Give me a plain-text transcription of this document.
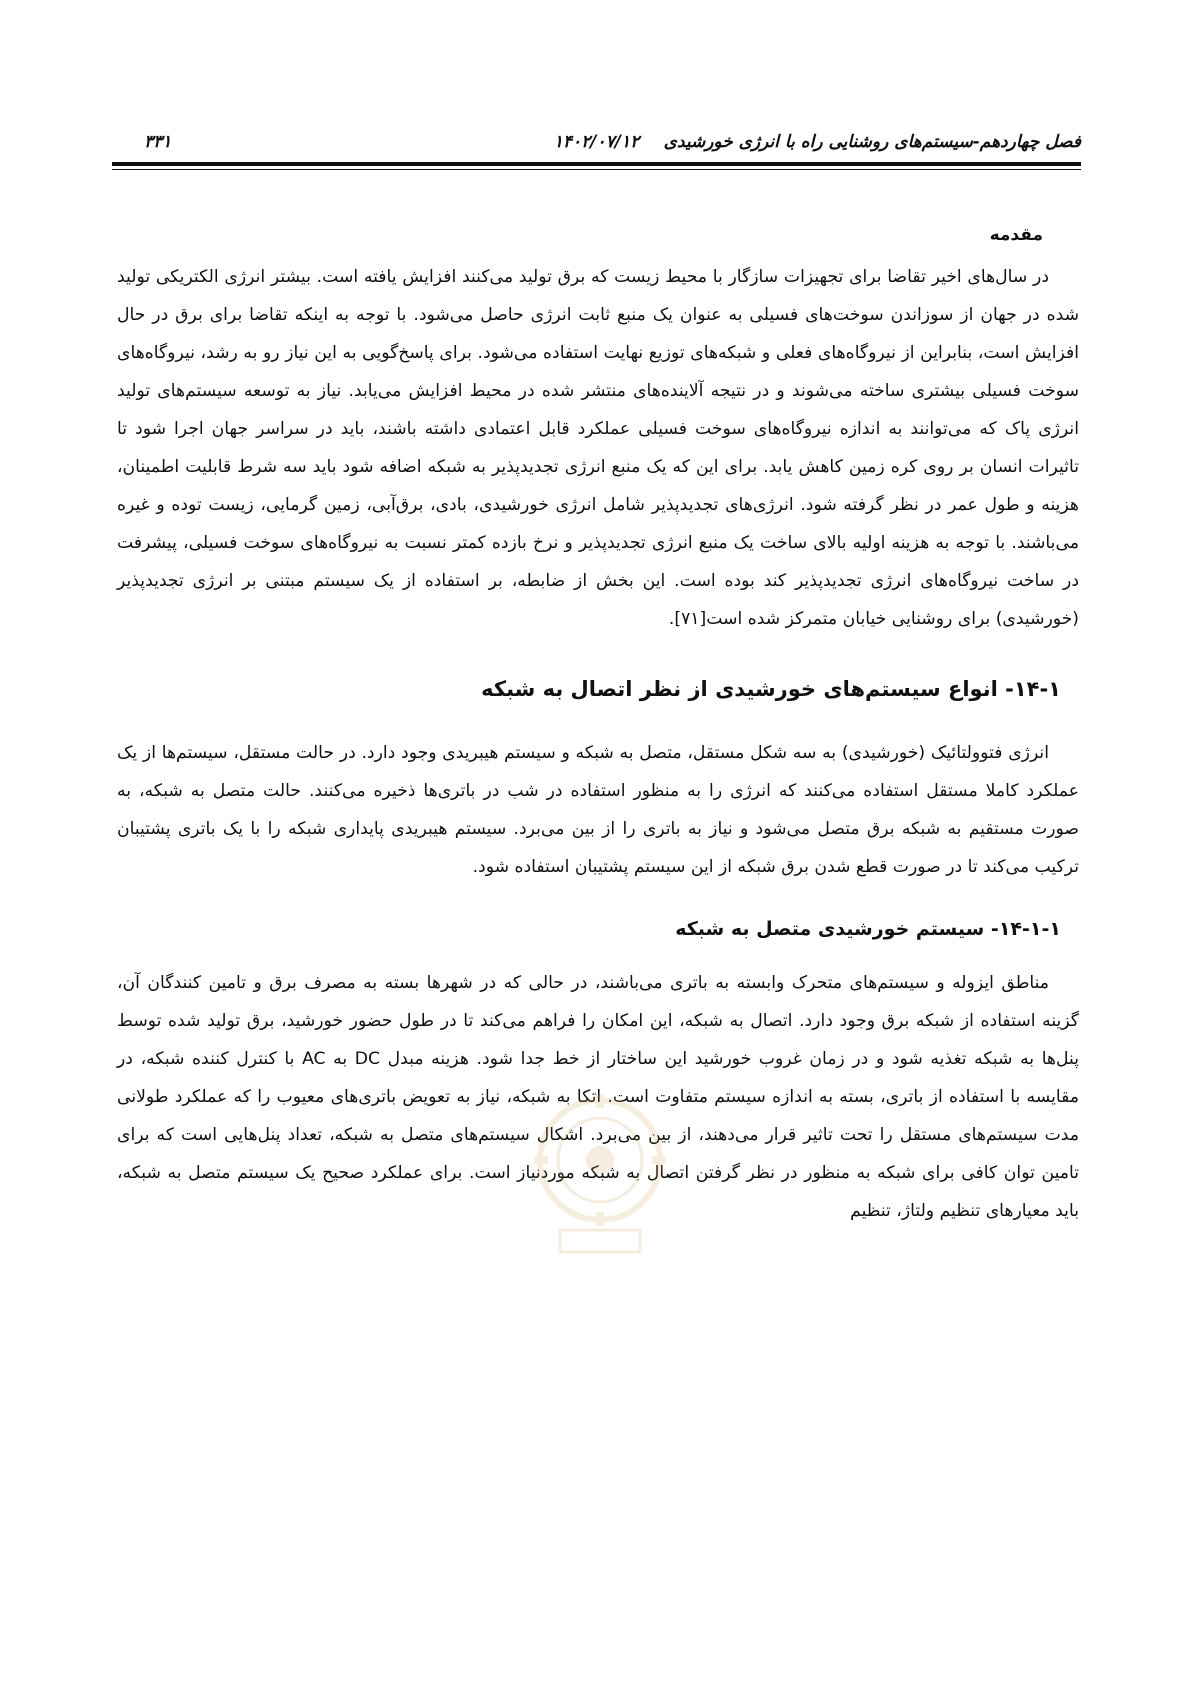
فصل چهاردهم-سیستم‌های روشنایی راه با انرژی خورشیدی
۱۴۰۲/۰۷/۱۲
۳۳۱
مقدمه

در سال‌های اخیر تقاضا برای تجهیزات سازگار با محیط زیست که برق تولید می‌کنند افزایش یافته است. بیشتر انرژی الکتریکی تولید شده در جهان از سوزاندن سوخت‌های فسیلی به عنوان یک منبع ثابت انرژی حاصل می‌شود. با توجه به اینکه تقاضا برای برق در حال افزایش است، بنابراین از نیروگاه‌های فعلی و شبکه‌های توزیع نهایت استفاده می‌شود. برای پاسخ‌گویی به این نیاز رو به رشد، نیروگاه‌های سوخت فسیلی بیشتری ساخته می‌شوند و در نتیجه آلاینده‌های منتشر شده در محیط افزایش می‌یابد. نیاز به توسعه سیستم‌های تولید انرژی پاک که می‌توانند به اندازه نیروگاه‌های سوخت فسیلی عملکرد قابل اعتمادی داشته باشند، باید در سراسر جهان اجرا شود تا تاثیرات انسان بر روی کره زمین کاهش یابد. برای این که یک منبع انرژی تجدیدپذیر به شبکه اضافه شود باید سه شرط قابلیت اطمینان، هزینه و طول عمر در نظر گرفته شود. انرژی‌های تجدیدپذیر شامل انرژی خورشیدی، بادی، برق‌آبی، زمین گرمایی، زیست توده و غیره می‌باشند. با توجه به هزینه اولیه بالای ساخت یک منبع انرژی تجدیدپذیر و نرخ بازده کمتر نسبت به نیروگاه‌های سوخت فسیلی، پیشرفت در ساخت نیروگاه‌های انرژی تجدیدپذیر کند بوده است. این بخش از ضابطه، بر استفاده از یک سیستم مبتنی بر انرژی تجدیدپذیر (خورشیدی) برای روشنایی خیابان متمرکز شده است[۷۱].

۱۴-۱- انواع سیستم‌های خورشیدی از نظر اتصال به شبکه

انرژی فتوولتائیک (خورشیدی) به سه شکل مستقل، متصل به شبکه و سیستم هیبریدی وجود دارد. در حالت مستقل، سیستم‌ها از یک عملکرد کاملا مستقل استفاده می‌کنند که انرژی را به منظور استفاده در شب در باتری‌ها ذخیره می‌کنند. حالت متصل به شبکه، به صورت مستقیم به شبکه برق متصل می‌شود و نیاز به باتری را از بین می‌برد. سیستم هیبریدی پایداری شبکه را با یک باتری پشتیبان ترکیب می‌کند تا در صورت قطع شدن برق شبکه از این سیستم پشتیبان استفاده شود.

۱۴-۱-۱- سیستم خورشیدی متصل به شبکه

مناطق ایزوله و سیستم‌های متحرک وابسته به باتری می‌باشند، در حالی که در شهرها بسته به مصرف برق و تامین کنندگان آن، گزینه استفاده از شبکه برق وجود دارد. اتصال به شبکه، این امکان را فراهم می‌کند تا در طول حضور خورشید، برق تولید شده توسط پنل‌ها به شبکه تغذیه شود و در زمان غروب خورشید این ساختار از خط جدا شود. هزینه مبدل DC به AC با کنترل کننده شبکه، در مقایسه با استفاده از باتری، بسته به اندازه سیستم متفاوت است. اتکا به شبکه، نیاز به تعویض باتری‌های معیوب را که عملکرد طولانی مدت سیستم‌های مستقل را تحت تاثیر قرار می‌دهند، از بین می‌برد. اشکال سیستم‌های متصل به شبکه، تعداد پنل‌هایی است که برای تامین توان کافی برای شبکه به منظور در نظر گرفتن اتصال به شبکه موردنیاز است. برای عملکرد صحیح یک سیستم متصل به شبکه، باید معیارهای تنظیم ولتاژ، تنظیم
